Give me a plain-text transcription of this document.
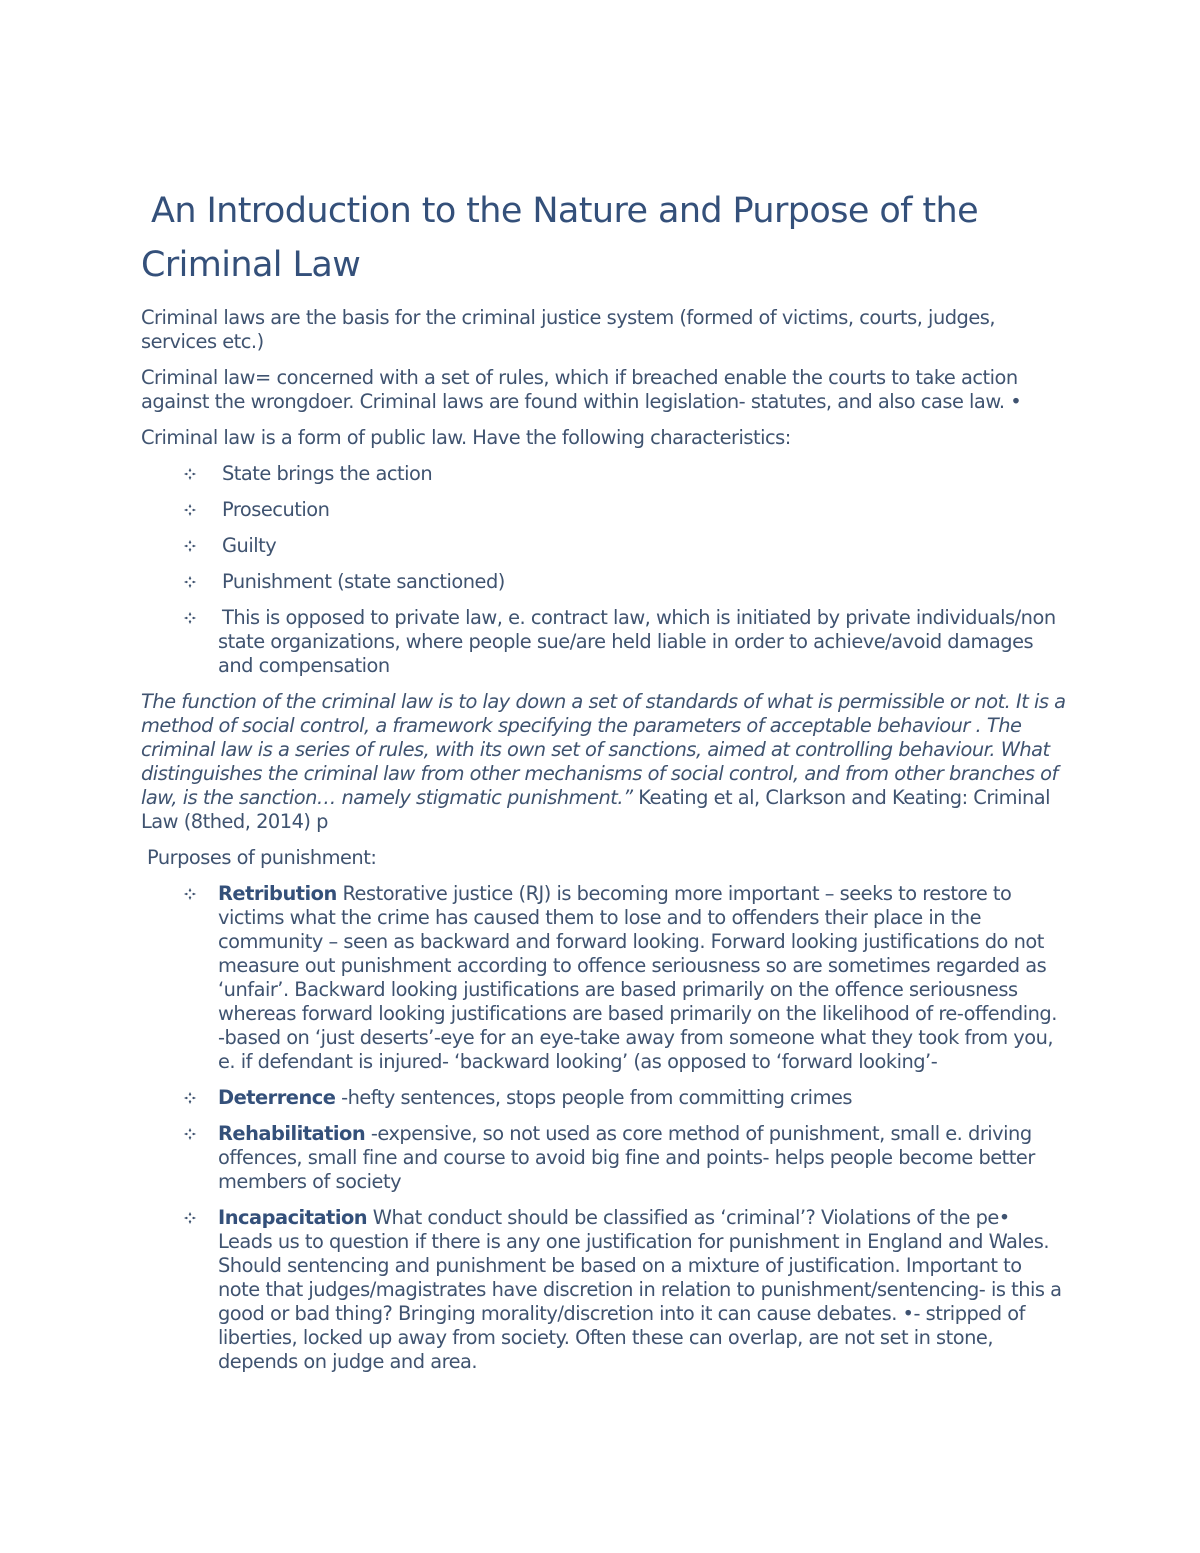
An Introduction to the Nature and Purpose of the Criminal Law

Criminal laws are the basis for the criminal justice system (formed of victims, courts, judges, services etc.)

Criminal law= concerned with a set of rules, which if breached enable the courts to take action against the wrongdoer. Criminal laws are found within legislation- statutes, and also case law. •

Criminal law is a form of public law. Have the following characteristics:

State brings the action
Prosecution
Guilty
Punishment (state sanctioned)
This is opposed to private law, e. contract law, which is initiated by private individuals/non state organizations, where people sue/are held liable in order to achieve/avoid damages and compensation

The function of the criminal law is to lay down a set of standards of what is permissible or not. It is a method of social control, a framework specifying the parameters of acceptable behaviour . The criminal law is a series of rules, with its own set of sanctions, aimed at controlling behaviour. What distinguishes the criminal law from other mechanisms of social control, and from other branches of law, is the sanction… namely stigmatic punishment.” Keating et al, Clarkson and Keating: Criminal Law (8thed, 2014) p

Purposes of punishment:

Retribution Restorative justice (RJ) is becoming more important – seeks to restore to victims what the crime has caused them to lose and to offenders their place in the community – seen as backward and forward looking. Forward looking justifications do not measure out punishment according to offence seriousness so are sometimes regarded as ‘unfair’. Backward looking justifications are based primarily on the offence seriousness whereas forward looking justifications are based primarily on the likelihood of re-offending. -based on ‘just deserts’-eye for an eye-take away from someone what they took from you, e. if defendant is injured- ‘backward looking’ (as opposed to ‘forward looking’-
Deterrence -hefty sentences, stops people from committing crimes
Rehabilitation -expensive, so not used as core method of punishment, small e. driving offences, small fine and course to avoid big fine and points- helps people become better members of society
Incapacitation What conduct should be classified as ‘criminal’? Violations of the pe• Leads us to question if there is any one justification for punishment in England and Wales. Should sentencing and punishment be based on a mixture of justification. Important to note that judges/magistrates have discretion in relation to punishment/sentencing- is this a good or bad thing? Bringing morality/discretion into it can cause debates. •- stripped of liberties, locked up away from society. Often these can overlap, are not set in stone, depends on judge and area.
